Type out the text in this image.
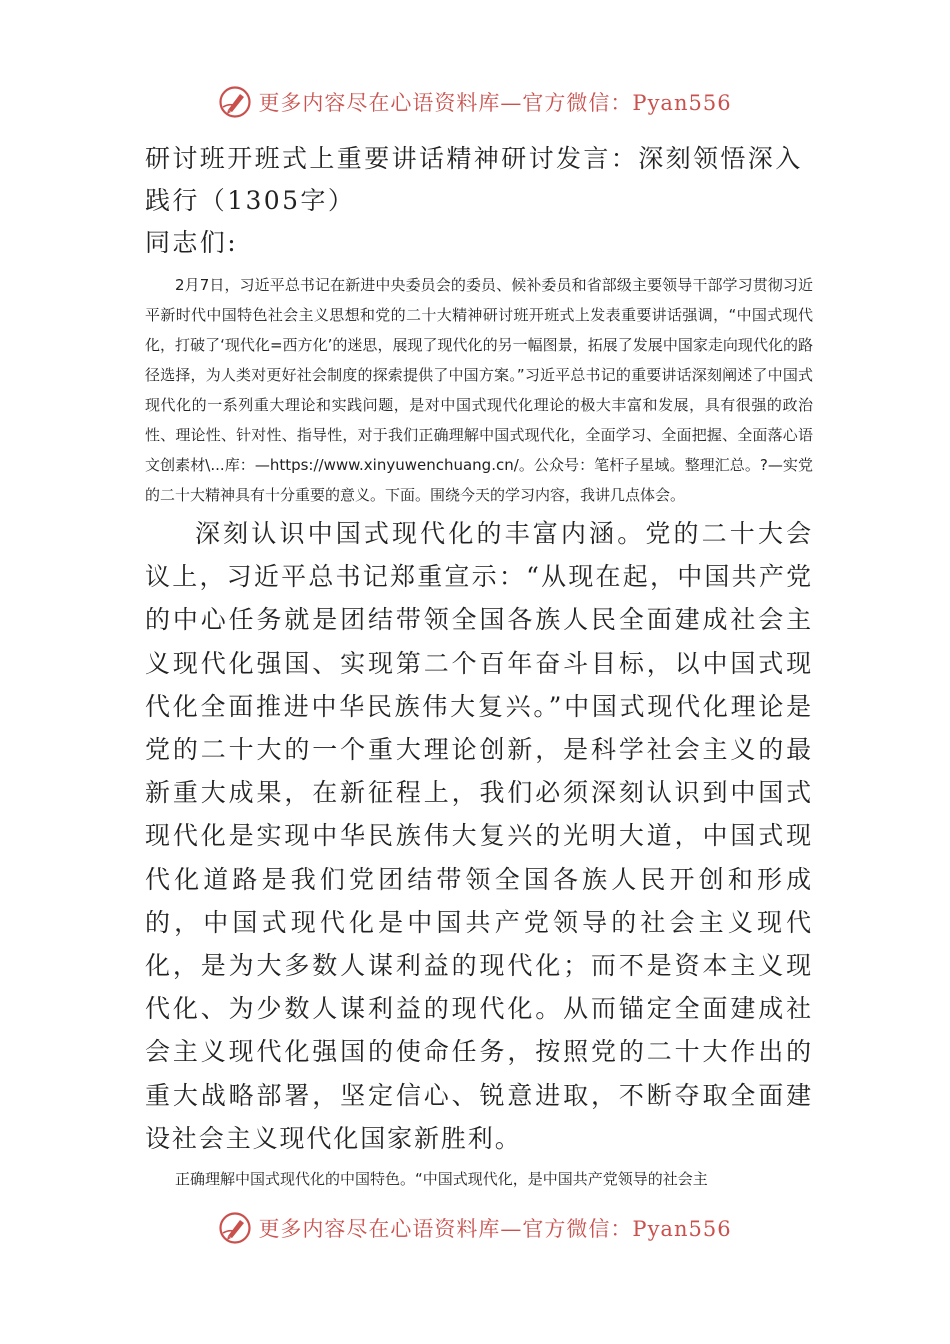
更多内容尽在心语资料库—官方微信：Pyan556

研讨班开班式上重要讲话精神研讨发言：深刻领悟深入践行（1305字）

同志们:

2月7日，习近平总书记在新进中央委员会的委员、候补委员和省部级主要领导干部学习贯彻习近平新时代中国特色社会主义思想和党的二十大精神研讨班开班式上发表重要讲话强调，“中国式现代化，打破了‘现代化=西方化’的迷思，展现了现代化的另一幅图景，拓展了发展中国家走向现代化的路径选择，为人类对更好社会制度的探索提供了中国方案。”习近平总书记的重要讲话深刻阐述了中国式现代化的一系列重大理论和实践问题，是对中国式现代化理论的极大丰富和发展，具有很强的政治性、理论性、针对性、指导性，对于我们正确理解中国式现代化，全面学习、全面把握、全面落心语文创素材\...库：—https://www.xinyuwenchuang.cn/。公众号：笔杆子星域。整理汇总。?—实党的二十大精神具有十分重要的意义。下面。围绕今天的学习内容，我讲几点体会。

深刻认识中国式现代化的丰富内涵。党的二十大会议上，习近平总书记郑重宣示：“从现在起，中国共产党的中心任务就是团结带领全国各族人民全面建成社会主义现代化强国、实现第二个百年奋斗目标，以中国式现代化全面推进中华民族伟大复兴。”中国式现代化理论是党的二十大的一个重大理论创新，是科学社会主义的最新重大成果，在新征程上，我们必须深刻认识到中国式现代化是实现中华民族伟大复兴的光明大道，中国式现代化道路是我们党团结带领全国各族人民开创和形成的，中国式现代化是中国共产党领导的社会主义现代化，是为大多数人谋利益的现代化；而不是资本主义现代化、为少数人谋利益的现代化。从而锚定全面建成社会主义现代化强国的使命任务，按照党的二十大作出的重大战略部署，坚定信心、锐意进取，不断夺取全面建设社会主义现代化国家新胜利。

正确理解中国式现代化的中国特色。“中国式现代化，是中国共产党领导的社会主

更多内容尽在心语资料库—官方微信：Pyan556
